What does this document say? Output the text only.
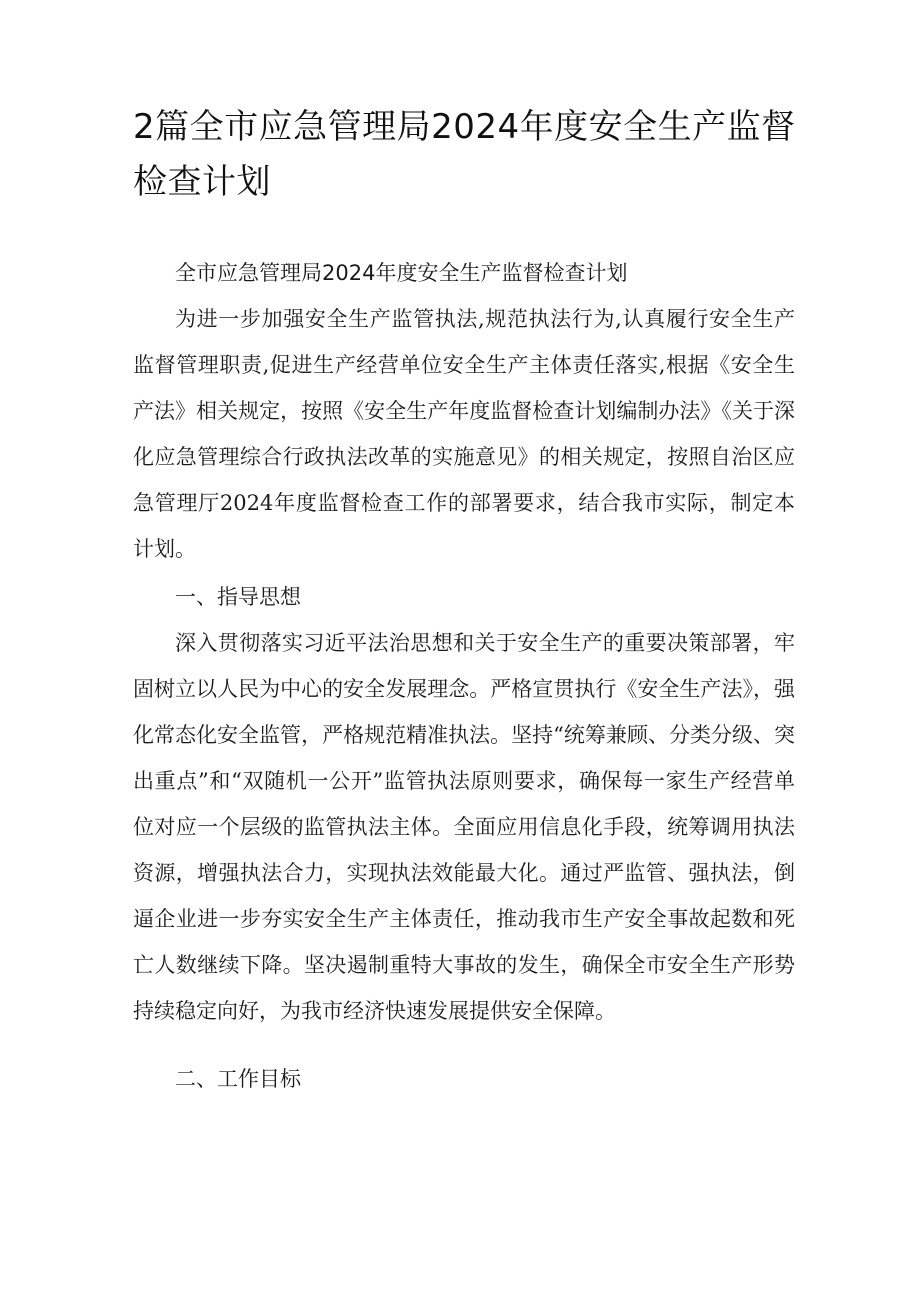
2篇全市应急管理局2024年度安全生产监督检查计划

全市应急管理局2024年度安全生产监督检查计划

为进一步加强安全生产监管执法,规范执法行为,认真履行安全生产监督管理职责,促进生产经营单位安全生产主体责任落实,根据《安全生产法》相关规定，按照《安全生产年度监督检查计划编制办法》《关于深化应急管理综合行政执法改革的实施意见》的相关规定，按照自治区应急管理厅2024年度监督检查工作的部署要求，结合我市实际，制定本计划。

一、指导思想

深入贯彻落实习近平法治思想和关于安全生产的重要决策部署，牢固树立以人民为中心的安全发展理念。严格宣贯执行《安全生产法》，强化常态化安全监管，严格规范精准执法。坚持“统筹兼顾、分类分级、突出重点”和“双随机一公开”监管执法原则要求，确保每一家生产经营单位对应一个层级的监管执法主体。全面应用信息化手段，统筹调用执法资源，增强执法合力，实现执法效能最大化。通过严监管、强执法，倒逼企业进一步夯实安全生产主体责任，推动我市生产安全事故起数和死亡人数继续下降。坚决遏制重特大事故的发生，确保全市安全生产形势持续稳定向好，为我市经济快速发展提供安全保障。

二、工作目标
